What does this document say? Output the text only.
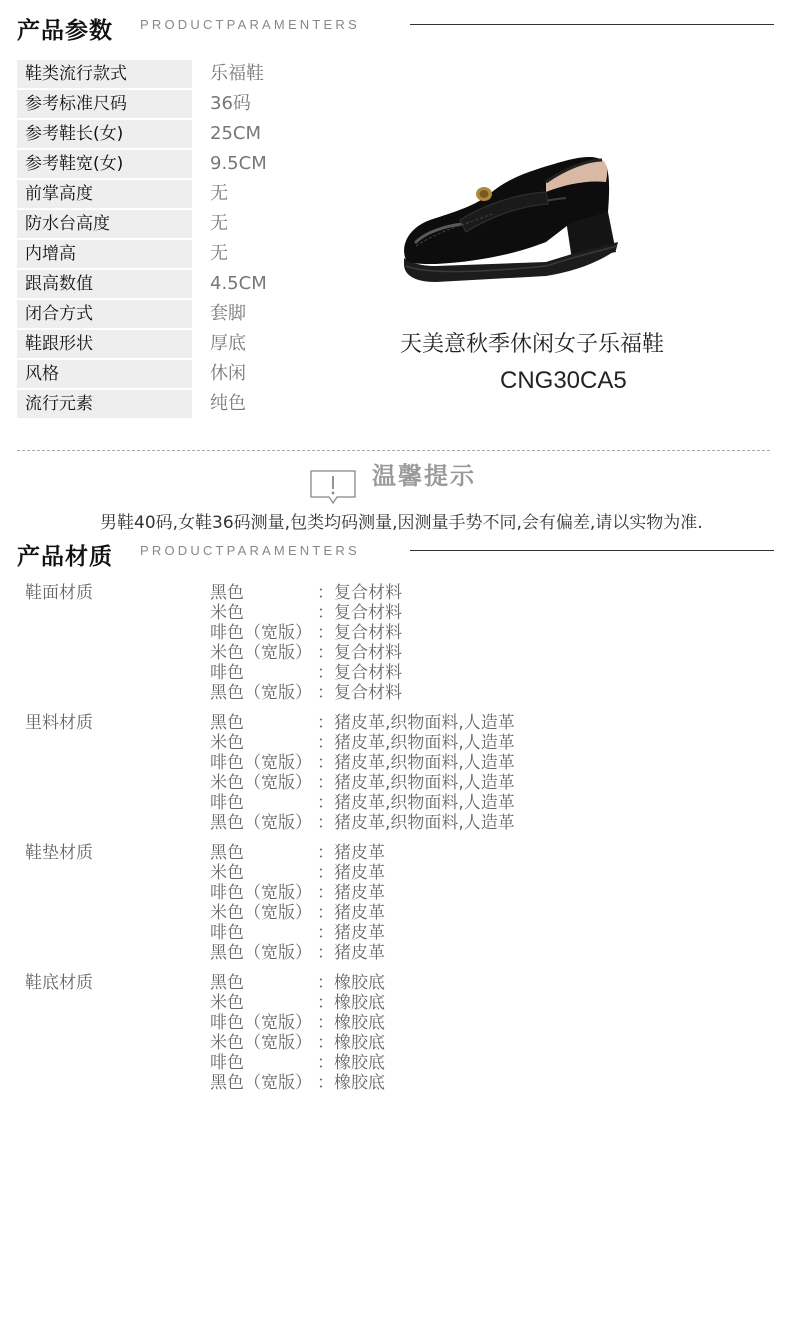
产品参数 PRODUCTPARAMENTERS
鞋类流行款式	乐福鞋
参考标准尺码	36码
参考鞋长(女)	25CM
参考鞋宽(女)	9.5CM
前掌高度	无
防水台高度	无
内增高	无
跟高数值	4.5CM
闭合方式	套脚
鞋跟形状	厚底
风格	休闲
流行元素	纯色
天美意秋季休闲女子乐福鞋
CNG30CA5
温馨提示
男鞋40码,女鞋36码测量,包类均码测量,因测量手势不同,会有偏差,请以实物为准.
产品材质 PRODUCTPARAMENTERS
鞋面材质	黑色	：复合材料
米色	：复合材料
啡色（宽版） ：复合材料
米色（宽版） ：复合材料
啡色	：复合材料
黑色（宽版） ：复合材料
里料材质	黑色	：猪皮革,织物面料,人造革
米色	：猪皮革,织物面料,人造革
啡色（宽版） ：猪皮革,织物面料,人造革
米色（宽版） ：猪皮革,织物面料,人造革
啡色	：猪皮革,织物面料,人造革
黑色（宽版） ：猪皮革,织物面料,人造革
鞋垫材质	黑色	：猪皮革
米色	：猪皮革
啡色（宽版） ：猪皮革
米色（宽版） ：猪皮革
啡色	：猪皮革
黑色（宽版） ：猪皮革
鞋底材质	黑色	：橡胶底
米色	：橡胶底
啡色（宽版） ：橡胶底
米色（宽版） ：橡胶底
啡色	：橡胶底
黑色（宽版） ：橡胶底
